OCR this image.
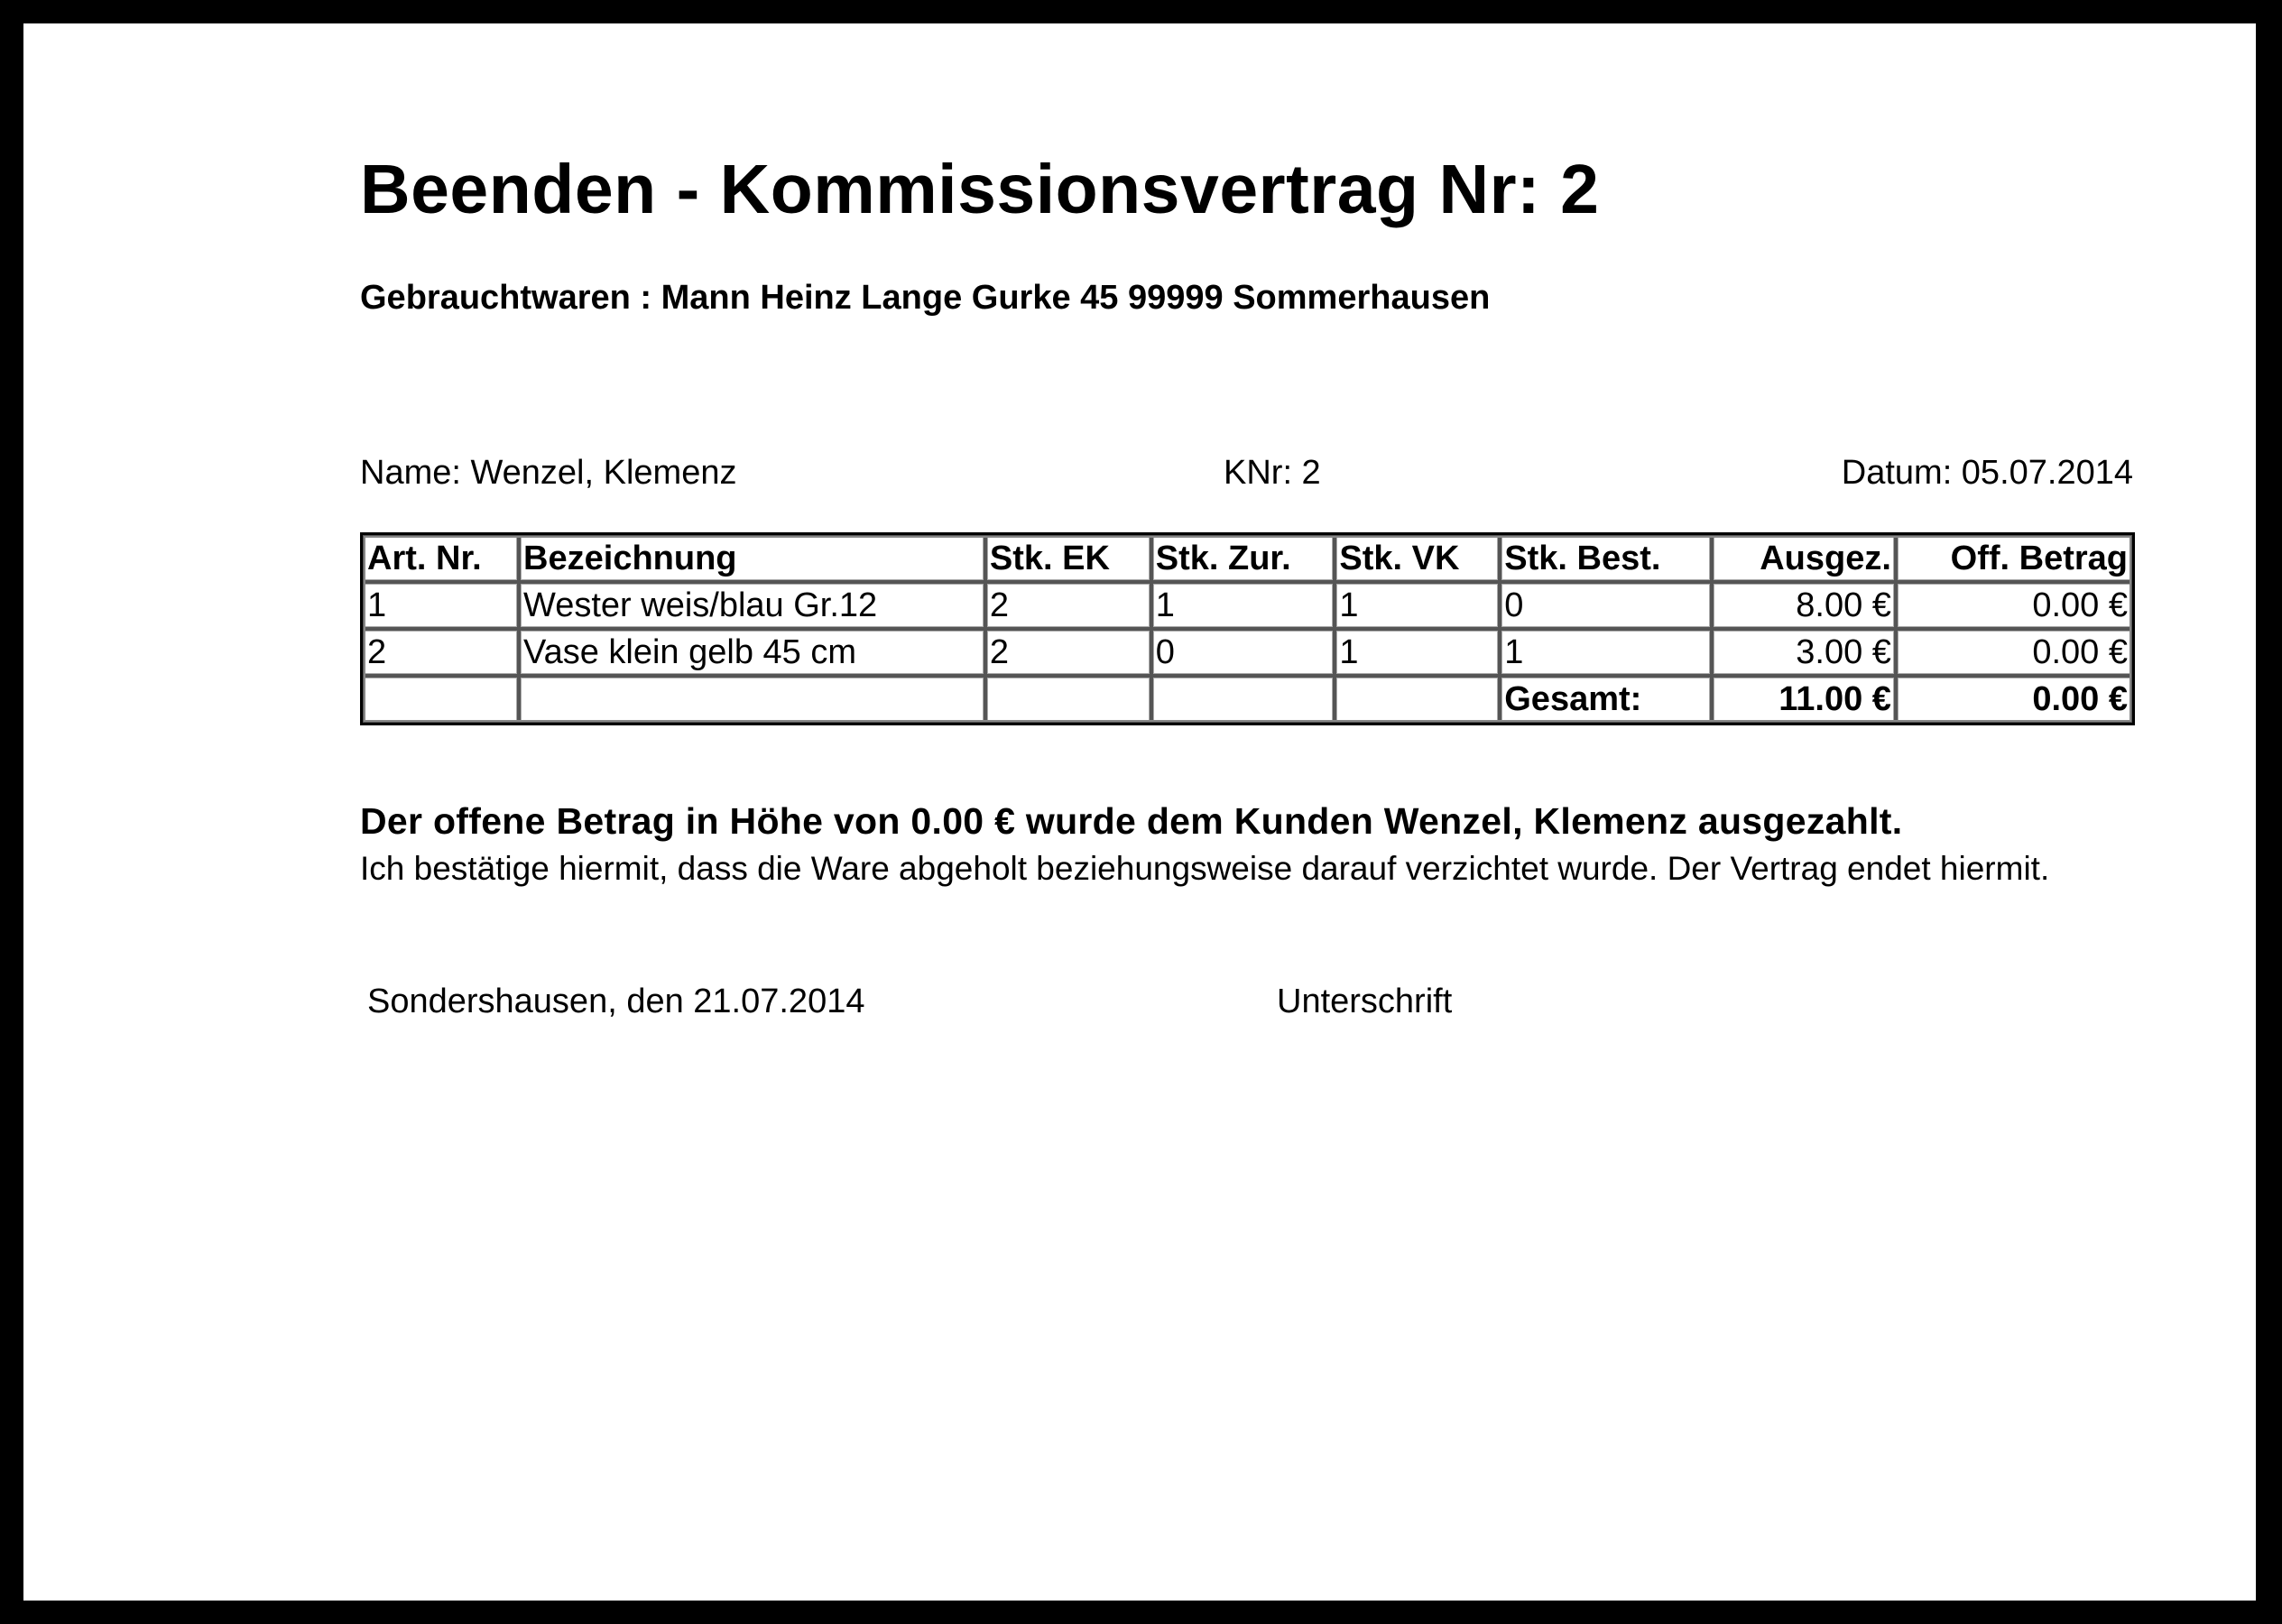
Beenden - Kommissionsvertrag Nr: 2
Gebrauchtwaren : Mann Heinz Lange Gurke 45 99999 Sommerhausen
Name: Wenzel, Klemenz	KNr: 2	Datum: 05.07.2014
Art. Nr.	Bezeichnung	Stk. EK	Stk. Zur.	Stk. VK	Stk. Best.	Ausgez.	Off. Betrag
1	Wester weis/blau Gr.12	2	1	1	0	8.00 €	0.00 €
2	Vase klein gelb 45 cm	2	0	1	1	3.00 €	0.00 €
					Gesamt:	11.00 €	0.00 €
Der offene Betrag in Höhe von 0.00 € wurde dem Kunden Wenzel, Klemenz ausgezahlt.
Ich bestätige hiermit, dass die Ware abgeholt beziehungsweise darauf verzichtet wurde. Der Vertrag endet hiermit.
Sondershausen, den 21.07.2014	Unterschrift
